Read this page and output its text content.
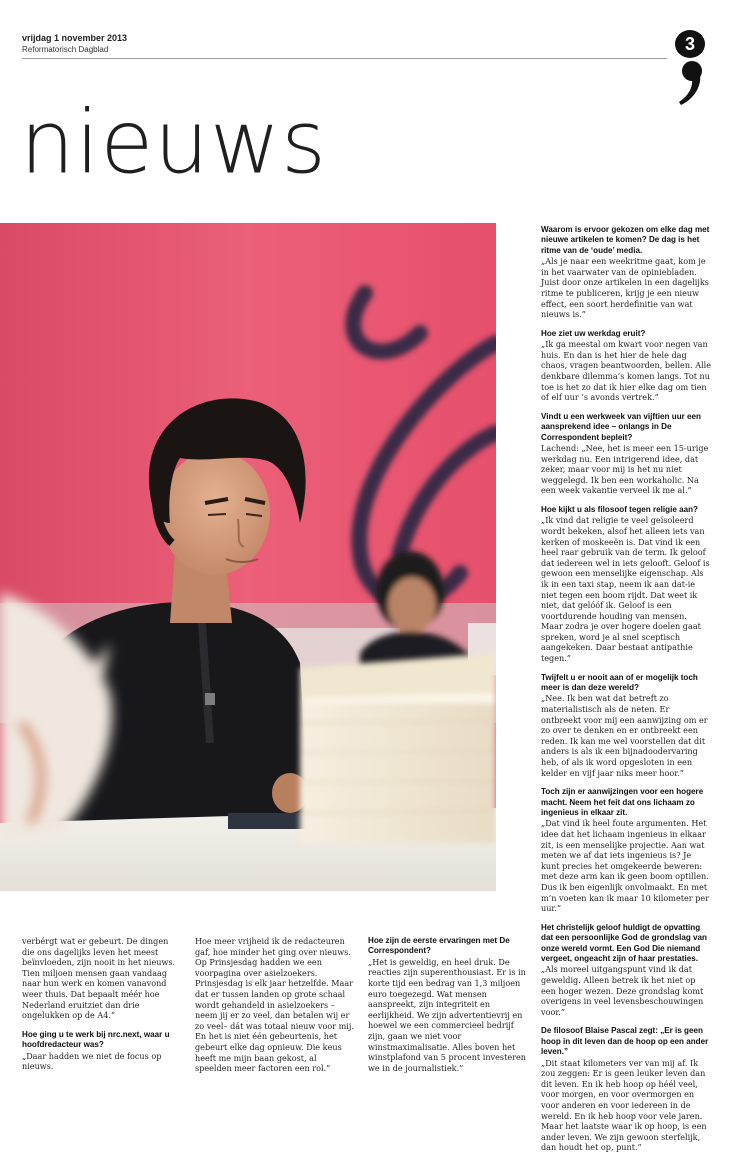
vrijdag 1 november 2013
Reformatorisch Dagblad	3
nieuws

Waarom is ervoor gekozen om elke dag met nieuwe artikelen te komen? De dag is het ritme van de ‘oude’ media.

„Als je naar een weekritme gaat, kom je in het vaarwater van de opiniebladen. Juist door onze artikelen in een dagelijks ritme te publiceren, krijg je een nieuw effect, een soort herdefinitie van wat nieuws is.”

Hoe ziet uw werkdag eruit?

„Ik ga meestal om kwart voor negen van huis. En dan is het hier de hele dag chaos, vragen beantwoorden, bellen. Alle denkbare dilemma’s komen langs. Tot nu toe is het zo dat ik hier elke dag om tien of elf uur ’s avonds vertrek.”

Vindt u een werkweek van vijftien uur een aansprekend idee – onlangs in De Correspondent bepleit?

Lachend: „Nee, het is meer een 15-urige werkdag nu. Een intrigerend idee, dat zeker, maar voor mij is het nu niet weggelegd. Ik ben een workaholic. Na een week vakantie verveel ik me al.”

Hoe kijkt u als filosoof tegen religie aan?

„Ik vind dat religie te veel geïsoleerd wordt bekeken, alsof het alleen iets van kerken of moskeeën is. Dat vind ik een heel raar gebruik van de term. Ik geloof dat iedereen wel in iets gelooft. Geloof is gewoon een menselijke eigenschap. Als ik in een taxi stap, neem ik aan dat-ie niet tegen een boom rijdt. Dat weet ik niet, dat gelóóf ik. Geloof is een voortdurende houding van mensen. Maar zodra je over hogere doelen gaat spreken, word je al snel sceptisch aangekeken. Daar bestaat antipathie tegen.”

Twijfelt u er nooit aan of er mogelijk toch meer is dan deze wereld?

„Nee. Ik ben wat dat betreft zo materialistisch als de neten. Er ontbreekt voor mij een aanwijzing om er zo over te denken en er ontbreekt een reden. Ik kan me wel voorstellen dat dit anders is als ik een bijnadoodervaring heb, of als ik word opgesloten in een kelder en vijf jaar niks meer hoor.”

Toch zijn er aanwijzingen voor een hogere macht. Neem het feit dat ons lichaam zo ingenieus in elkaar zit.

„Dat vind ik heel foute argumenten. Het idee dat het lichaam ingenieus in elkaar zit, is een menselijke projectie. Aan wat meten we af dat iets ingenieus is? Je kunt precies het omgekeerde beweren: met deze arm kan ik geen boom optillen. Dus ik ben eigenlijk onvolmaakt. En met m’n voeten kan ik maar 10 kilometer per uur.”

Het christelijk geloof huldigt de opvatting dat een persoonlijke God de grondslag van onze wereld vormt. Een God Die niemand vergeet, ongeacht zijn of haar prestaties.

„Als moreel uitgangspunt vind ik dat geweldig. Alleen betrek ik het niet op een hoger wezen. Deze grondslag komt overigens in veel levensbeschouwingen voor.”

De filosoof Blaise Pascal zegt: „Er is geen hoop in dit leven dan de hoop op een ander leven.”

„Dit staat kilometers ver van mij af. Ik zou zeggen: Er is geen leuker leven dan dit leven. En ik heb hoop op héél veel, voor morgen, en voor overmorgen en voor anderen en voor iedereen in de wereld. En ik heb hoop voor vele jaren. Maar het laatste waar ik op hoop, is een ander leven. We zijn gewoon sterfelijk, dan houdt het op, punt.”

verbérgt wat er gebeurt. De dingen die ons dagelijks leven het meest beïnvloeden, zijn nooit in het nieuws. Tien miljoen mensen gaan vandaag naar hun werk en komen vanavond weer thuis. Dat bepaalt méér hoe Nederland eruitziet dan drie ongelukken op de A4.”

Hoe ging u te werk bij nrc.next, waar u hoofdredacteur was?

„Daar hadden we niet de focus op nieuws.

Hoe meer vrijheid ik de redacteuren gaf, hoe minder het ging over nieuws. Op Prinsjesdag hadden we een voorpagina over asielzoekers. Prinsjesdag is elk jaar hetzelfde. Maar dat er tussen landen op grote schaal wordt gehandeld in asielzoekers –neem jij er zo veel, dan betalen wij er zo veel– dát was totaal nieuw voor mij. En het is niet één gebeurtenis, het gebeurt elke dag opnieuw. Die keus heeft me mijn baan gekost, al speelden meer factoren een rol.”

Hoe zijn de eerste ervaringen met De Correspondent?

„Het is geweldig, en heel druk. De reacties zijn superenthousiast. Er is in korte tijd een bedrag van 1,3 miljoen euro toegezegd. Wat mensen aanspreekt, zijn integriteit en eerlijkheid. We zijn advertentievrij en hoewel we een commercieel bedrijf zijn, gaan we niet voor winstmaximalisatie. Alles boven het winstplafond van 5 procent investeren we in de journalistiek.”
